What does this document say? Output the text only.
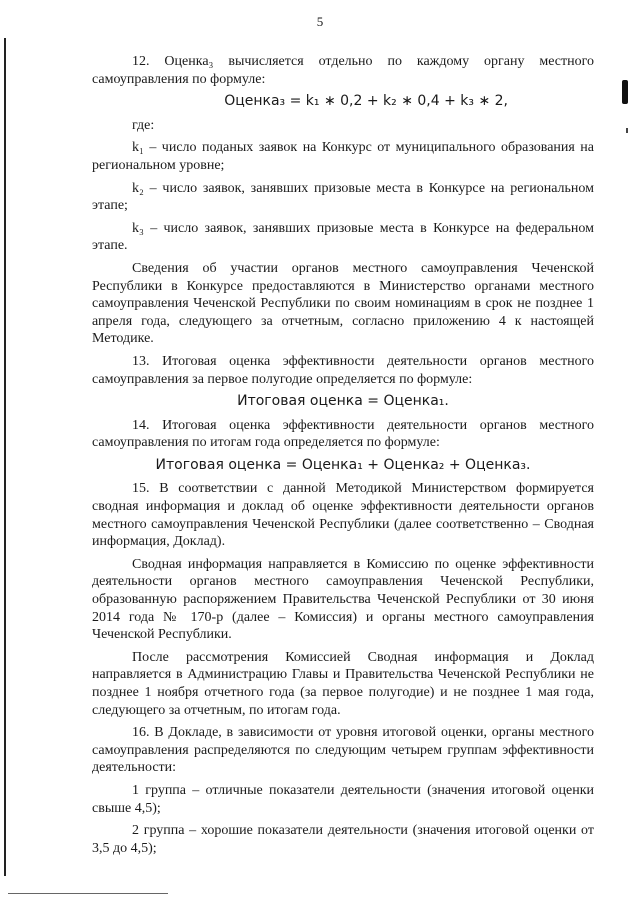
5

12. Оценка₃ вычисляется отдельно по каждому органу местного самоуправления по формуле:

Оценка₃ = k₁ ∗ 0,2 + k₂ ∗ 0,4 + k₃ ∗ 2,

где:

k₁ – число поданых заявок на Конкурс от муниципального образования на региональном уровне;

k₂ – число заявок, занявших призовые места в Конкурсе на региональном этапе;

k₃ – число заявок, занявших призовые места в Конкурсе на федеральном этапе.

Сведения об участии органов местного самоуправления Чеченской Республики в Конкурсе предоставляются в Министерство органами местного самоуправления Чеченской Республики по своим номинациям в срок не позднее 1 апреля года, следующего за отчетным, согласно приложению 4 к настоящей Методике.

13. Итоговая оценка эффективности деятельности органов местного самоуправления за первое полугодие определяется по формуле:

Итоговая оценка = Оценка₁.

14. Итоговая оценка эффективности деятельности органов местного самоуправления по итогам года определяется по формуле:

Итоговая оценка = Оценка₁ + Оценка₂ + Оценка₃.

15. В соответствии с данной Методикой Министерством формируется сводная информация и доклад об оценке эффективности деятельности органов местного самоуправления Чеченской Республики (далее соответственно – Сводная информация, Доклад).

Сводная информация направляется в Комиссию по оценке эффективности деятельности органов местного самоуправления Чеченской Республики, образованную распоряжением Правительства Чеченской Республики от 30 июня 2014 года № 170-р (далее – Комиссия) и органы местного самоуправления Чеченской Республики.

После рассмотрения Комиссией Сводная информация и Доклад направляется в Администрацию Главы и Правительства Чеченской Республики не позднее 1 ноября отчетного года (за первое полугодие) и не позднее 1 мая года, следующего за отчетным, по итогам года.

16. В Докладе, в зависимости от уровня итоговой оценки, органы местного самоуправления распределяются по следующим четырем группам эффективности деятельности:

1 группа – отличные показатели деятельности (значения итоговой оценки свыше 4,5);

2 группа – хорошие показатели деятельности (значения итоговой оценки от 3,5 до 4,5);
